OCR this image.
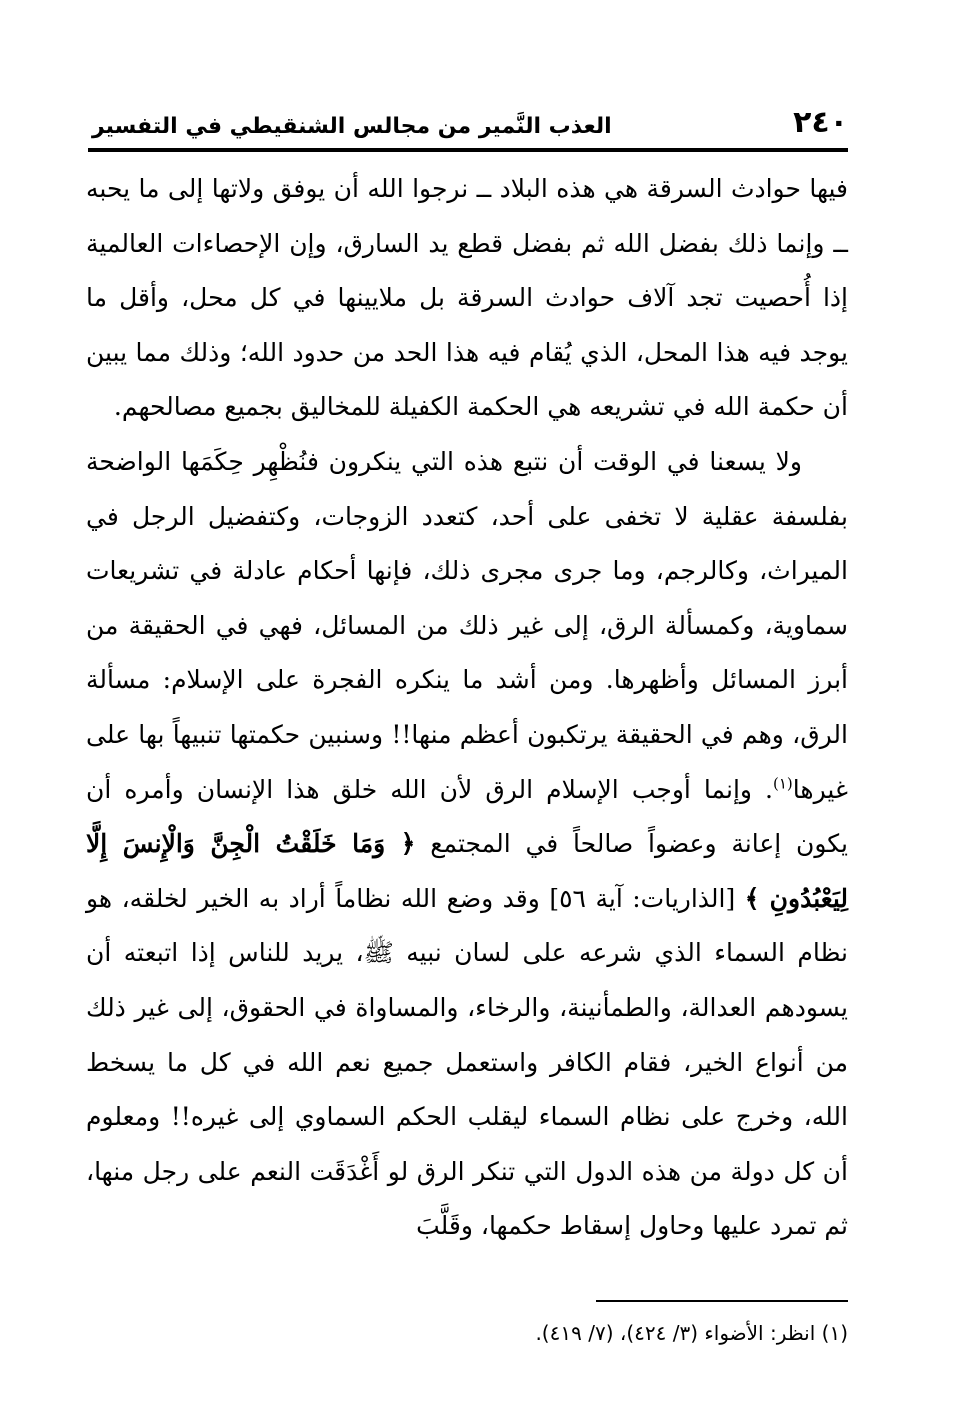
٢٤٠
العذب النَّمير من مجالس الشنقيطي في التفسير

فيها حوادث السرقة هي هذه البلاد ــ نرجوا الله أن يوفق ولاتها إلى ما يحبه ــ وإنما ذلك بفضل الله ثم بفضل قطع يد السارق، وإن الإحصاءات العالمية إذا أُحصيت تجد آلاف حوادث السرقة بل ملايينها في كل محل، وأقل ما يوجد فيه هذا المحل، الذي يُقام فيه هذا الحد من حدود الله؛ وذلك مما يبين أن حكمة الله في تشريعه هي الحكمة الكفيلة للمخاليق بجميع مصالحهم.

ولا يسعنا في الوقت أن نتبع هذه التي ينكرون فنُظْهِر حِكَمَها الواضحة بفلسفة عقلية لا تخفى على أحد، كتعدد الزوجات، وكتفضيل الرجل في الميراث، وكالرجم، وما جرى مجرى ذلك، فإنها أحكام عادلة في تشريعات سماوية، وكمسألة الرق، إلى غير ذلك من المسائل، فهي في الحقيقة من أبرز المسائل وأظهرها. ومن أشد ما ينكره الفجرة على الإسلام: مسألة الرق، وهم في الحقيقة يرتكبون أعظم منها!! وسنبين حكمتها تنبيهاً بها على غيرها$^{(١)}$. وإنما أوجب الإسلام الرق لأن الله خلق هذا الإنسان وأمره أن يكون إعانة وعضواً صالحاً في المجتمع ﴿ وَمَا خَلَقْتُ الْجِنَّ وَالْإِنسَ إِلَّا لِيَعْبُدُونِ ﴾ [الذاريات: آية ٥٦] وقد وضع الله نظاماً أراد به الخير لخلقه، هو نظام السماء الذي شرعه على لسان نبيه ﷺ، يريد للناس إذا اتبعته أن يسودهم العدالة، والطمأنينة، والرخاء، والمساواة في الحقوق، إلى غير ذلك من أنواع الخير، فقام الكافر واستعمل جميع نعم الله في كل ما يسخط الله، وخرج على نظام السماء ليقلب الحكم السماوي إلى غيره!! ومعلوم أن كل دولة من هذه الدول التي تنكر الرق لو أَغْدَقَت النعم على رجل منها، ثم تمرد عليها وحاول إسقاط حكمها، وقَلَّبَ

(١) انظر: الأضواء (٣/ ٤٢٤)، (٧/ ٤١٩).
